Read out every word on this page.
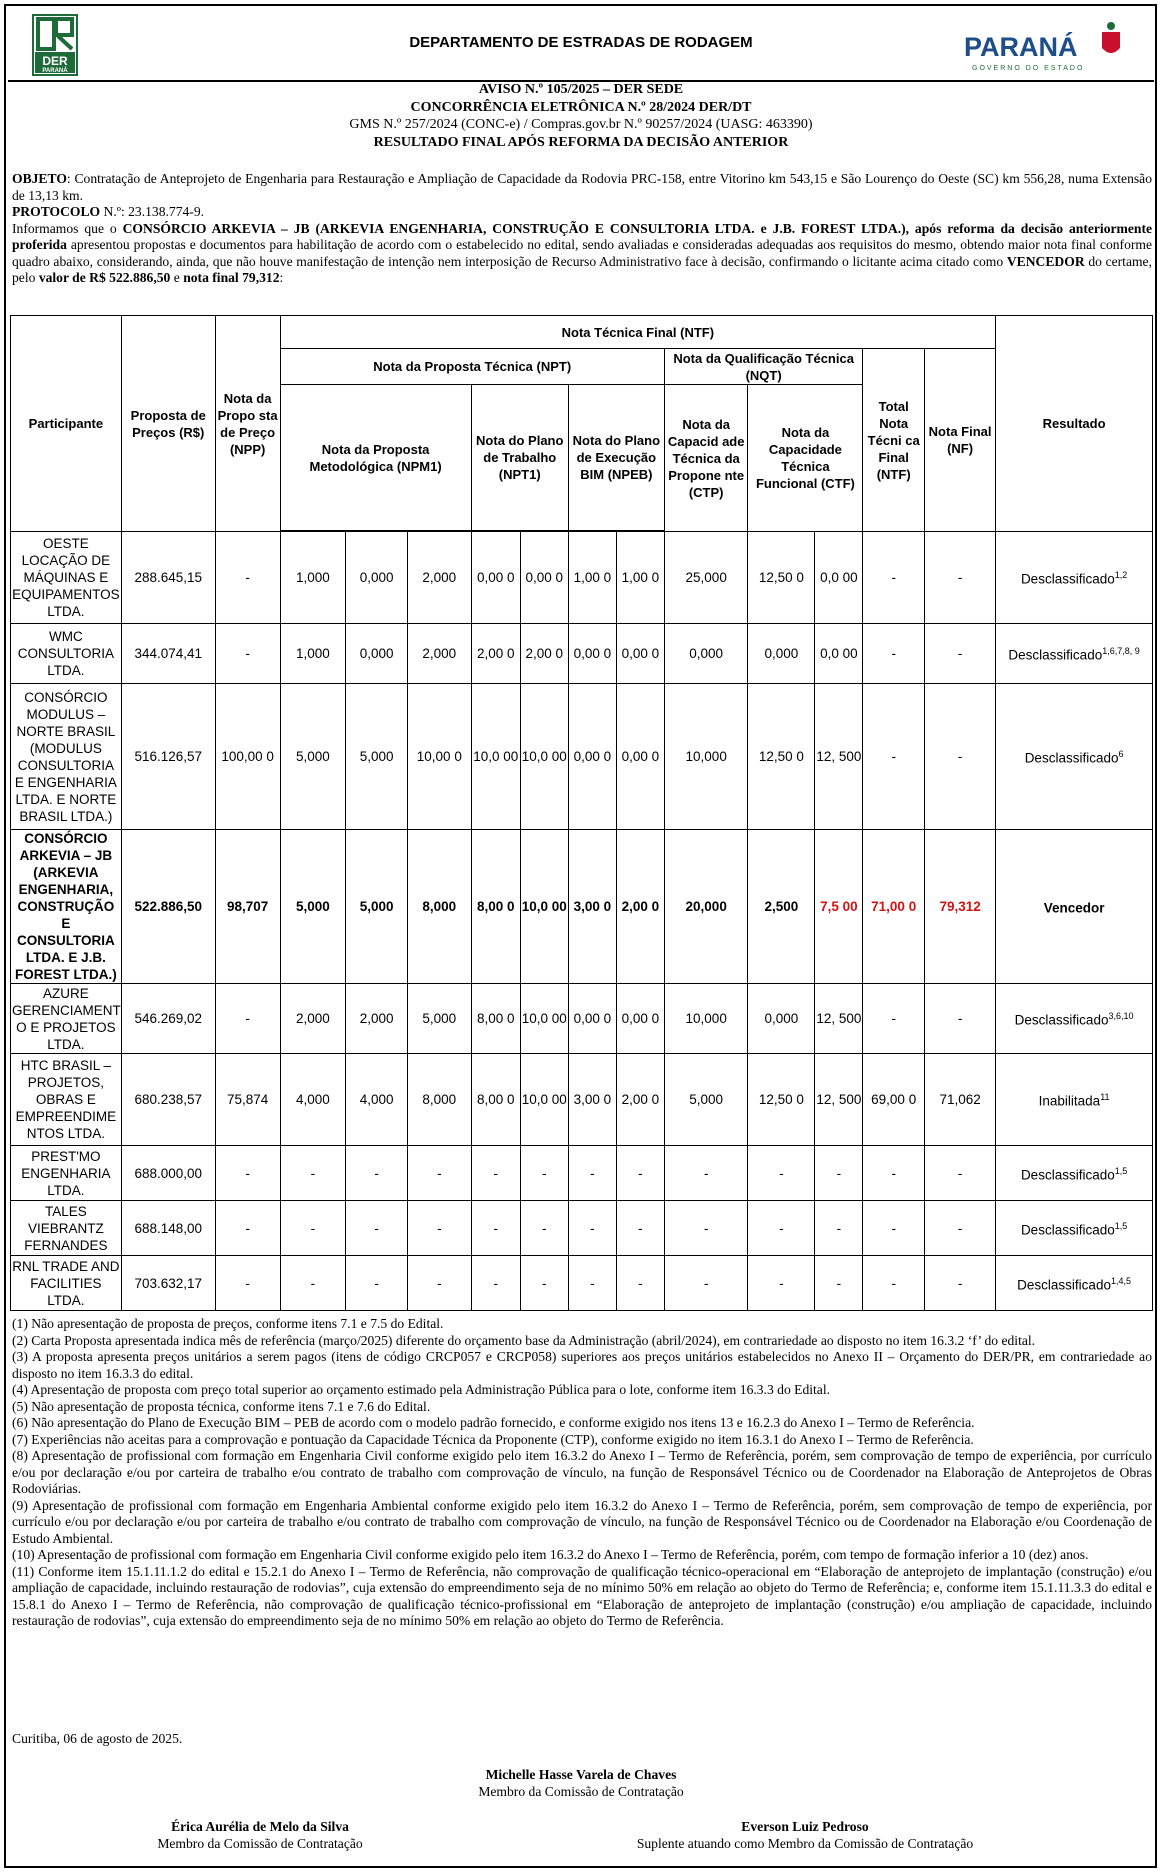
DER
PARANÁ
DEPARTAMENTO DE ESTRADAS DE RODAGEM	PARANÁ
GOVERNO DO ESTADO
AVISO N.º 105/2025 – DER SEDE
CONCORRÊNCIA ELETRÔNICA N.º 28/2024 DER/DT
GMS N.º 257/2024 (CONC-e) / Compras.gov.br N.º 90257/2024 (UASG: 463390)
RESULTADO FINAL APÓS REFORMA DA DECISÃO ANTERIOR
OBJETO: Contratação de Anteprojeto de Engenharia para Restauração e Ampliação de Capacidade da Rodovia PRC-158, entre Vitorino km 543,15 e São Lourenço do Oeste (SC) km 556,28, numa Extensão de 13,13 km.
PROTOCOLO N.º: 23.138.774-9.
Informamos que o CONSÓRCIO ARKEVIA – JB (ARKEVIA ENGENHARIA, CONSTRUÇÃO E CONSULTORIA LTDA. e J.B. FOREST LTDA.), após reforma da decisão anteriormente proferida apresentou propostas e documentos para habilitação de acordo com o estabelecido no edital, sendo avaliadas e consideradas adequadas aos requisitos do mesmo, obtendo maior nota final conforme quadro abaixo, considerando, ainda, que não houve manifestação de intenção nem interposição de Recurso Administrativo face à decisão, confirmando o licitante acima citado como VENCEDOR do certame, pelo valor de R$ 522.886,50 e nota final 79,312:
Participante	Proposta de Preços (R$)	Nota da Propo sta de Preço (NPP)	Nota Técnica Final (NTF)												Resultado
			Nota da Proposta Técnica (NPT)							Nota da Qualificação Técnica (NQT)			Total Nota Técni ca Final (NTF)	Nota Final (NF)	
			Nota da Proposta Metodológica (NPM1)			Nota do Plano de Trabalho (NPT1)		Nota do Plano de Execução BIM (NPEB)		Nota da Capacid ade Técnica da Propone nte (CTP)	Nota da Capacidade Técnica Funcional (CTF)				

OESTE LOCAÇÃO DE MÁQUINAS E EQUIPAMENTOS LTDA.	288.645,15	-	1,000	0,000	2,000	0,00 0	0,00 0	1,00 0	1,00 0	25,000	12,50 0	0,0 00	-	-	Desclassificado$^{1,2}$
WMC CONSULTORIA LTDA.	344.074,41	-	1,000	0,000	2,000	2,00 0	2,00 0	0,00 0	0,00 0	0,000	0,000	0,0 00	-	-	Desclassificado$^{1,6,7,8, 9}$
CONSÓRCIO MODULUS – NORTE BRASIL (MODULUS CONSULTORIA E ENGENHARIA LTDA. E NORTE BRASIL LTDA.)	516.126,57	100,00 0	5,000	5,000	10,00 0	10,0 00	10,0 00	0,00 0	0,00 0	10,000	12,50 0	12, 500	-	-	Desclassificado$^6$
CONSÓRCIO ARKEVIA – JB (ARKEVIA ENGENHARIA, CONSTRUÇÃO E CONSULTORIA LTDA. E J.B. FOREST LTDA.)	522.886,50	98,707	5,000	5,000	8,000	8,00 0	10,0 00	3,00 0	2,00 0	20,000	2,500	7,5 00	71,00 0	79,312	Vencedor
AZURE GERENCIAMENT O E PROJETOS LTDA.	546.269,02	-	2,000	2,000	5,000	8,00 0	10,0 00	0,00 0	0,00 0	10,000	0,000	12, 500	-	-	Desclassificado$^{3,6,10}$
HTC BRASIL – PROJETOS, OBRAS E EMPREENDIME NTOS LTDA.	680.238,57	75,874	4,000	4,000	8,000	8,00 0	10,0 00	3,00 0	2,00 0	5,000	12,50 0	12, 500	69,00 0	71,062	Inabilitada$^{11}$
PREST'MO ENGENHARIA LTDA.	688.000,00	-	-	-	-	-	-	-	-	-	-	-	-	-	Desclassificado$^{1,5}$
TALES VIEBRANTZ FERNANDES	688.148,00	-	-	-	-	-	-	-	-	-	-	-	-	-	Desclassificado$^{1,5}$
RNL TRADE AND FACILITIES LTDA.	703.632,17	-	-	-	-	-	-	-	-	-	-	-	-	-	Desclassificado$^{1,4,5}$

(1) Não apresentação de proposta de preços, conforme itens 7.1 e 7.5 do Edital.

(2) Carta Proposta apresentada indica mês de referência (março/2025) diferente do orçamento base da Administração (abril/2024), em contrariedade ao disposto no item 16.3.2 ‘f’ do edital.

(3) A proposta apresenta preços unitários a serem pagos (itens de código CRCP057 e CRCP058) superiores aos preços unitários estabelecidos no Anexo II – Orçamento do DER/PR, em contrariedade ao disposto no item 16.3.3 do edital.

(4) Apresentação de proposta com preço total superior ao orçamento estimado pela Administração Pública para o lote, conforme item 16.3.3 do Edital.

(5) Não apresentação de proposta técnica, conforme itens 7.1 e 7.6 do Edital.

(6) Não apresentação do Plano de Execução BIM – PEB de acordo com o modelo padrão fornecido, e conforme exigido nos itens 13 e 16.2.3 do Anexo I – Termo de Referência.

(7) Experiências não aceitas para a comprovação e pontuação da Capacidade Técnica da Proponente (CTP), conforme exigido no item 16.3.1 do Anexo I – Termo de Referência.

(8) Apresentação de profissional com formação em Engenharia Civil conforme exigido pelo item 16.3.2 do Anexo I – Termo de Referência, porém, sem comprovação de tempo de experiência, por currículo e/ou por declaração e/ou por carteira de trabalho e/ou contrato de trabalho com comprovação de vínculo, na função de Responsável Técnico ou de Coordenador na Elaboração de Anteprojetos de Obras Rodoviárias.

(9) Apresentação de profissional com formação em Engenharia Ambiental conforme exigido pelo item 16.3.2 do Anexo I – Termo de Referência, porém, sem comprovação de tempo de experiência, por currículo e/ou por declaração e/ou por carteira de trabalho e/ou contrato de trabalho com comprovação de vínculo, na função de Responsável Técnico ou de Coordenador na Elaboração e/ou Coordenação de Estudo Ambiental.

(10) Apresentação de profissional com formação em Engenharia Civil conforme exigido pelo item 16.3.2 do Anexo I – Termo de Referência, porém, com tempo de formação inferior a 10 (dez) anos.

(11) Conforme item 15.1.11.1.2 do edital e 15.2.1 do Anexo I – Termo de Referência, não comprovação de qualificação técnico-operacional em “Elaboração de anteprojeto de implantação (construção) e/ou ampliação de capacidade, incluindo restauração de rodovias”, cuja extensão do empreendimento seja de no mínimo 50% em relação ao objeto do Termo de Referência; e, conforme item 15.1.11.3.3 do edital e 15.8.1 do Anexo I – Termo de Referência, não comprovação de qualificação técnico-profissional em “Elaboração de anteprojeto de implantação (construção) e/ou ampliação de capacidade, incluindo restauração de rodovias”, cuja extensão do empreendimento seja de no mínimo 50% em relação ao objeto do Termo de Referência.

Curitiba, 06 de agosto de 2025.
Michelle Hasse Varela de Chaves
Membro da Comissão de Contratação
Érica Aurélia de Melo da Silva
Membro da Comissão de Contratação
Everson Luiz Pedroso
Suplente atuando como Membro da Comissão de Contratação
